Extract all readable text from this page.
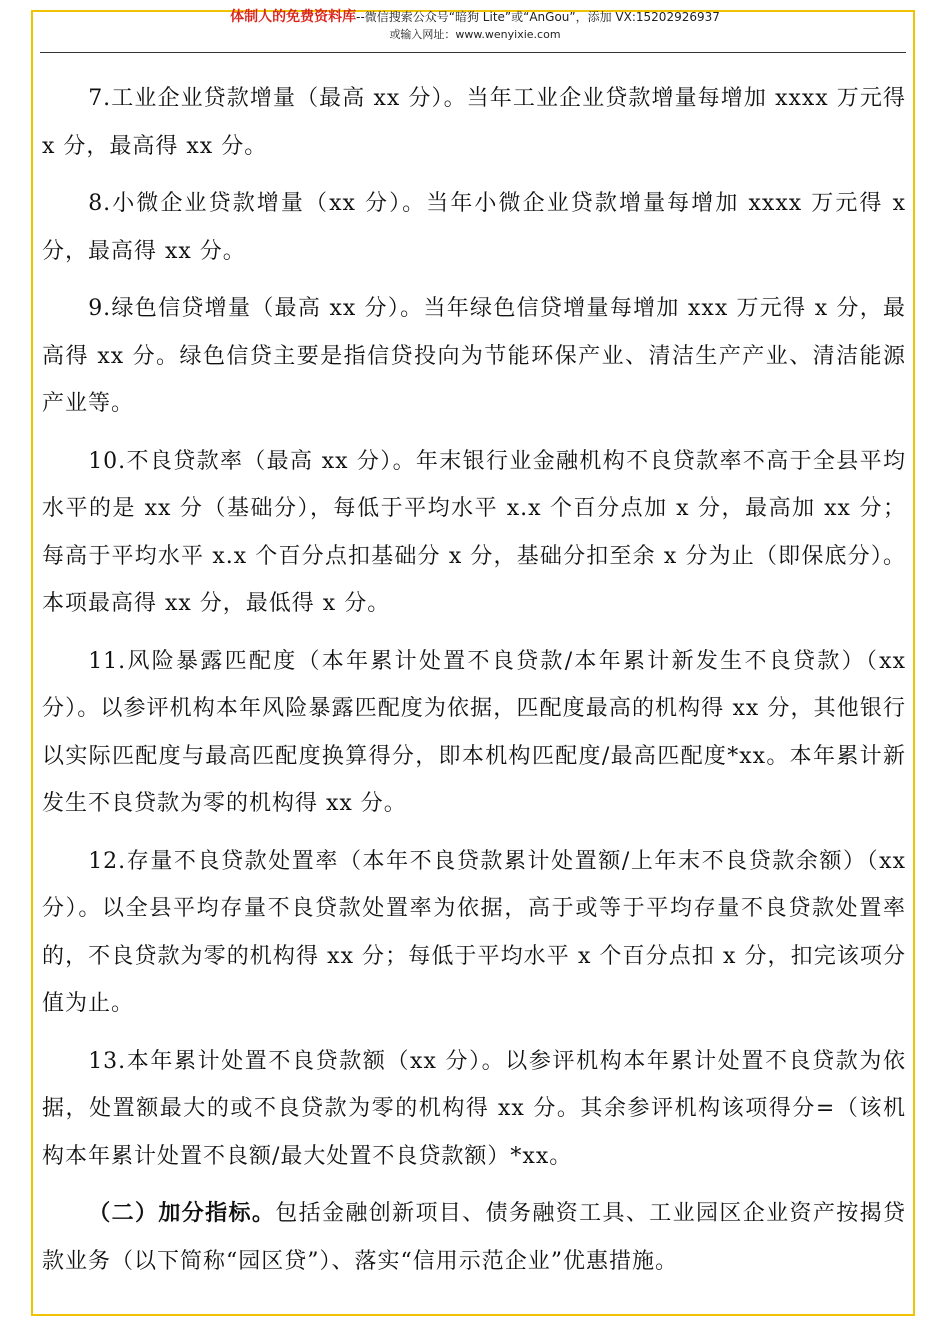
体制人的免费资料库--微信搜索公众号“暗狗 Lite”或“AnGou”，添加 VX:15202926937
或输入网址：www.wenyixie.com

7.工业企业贷款增量（最高 xx 分）。当年工业企业贷款增量每增加 xxxx 万元得 x 分，最高得 xx 分。

8.小微企业贷款增量（xx 分）。当年小微企业贷款增量每增加 xxxx 万元得 x 分，最高得 xx 分。

9.绿色信贷增量（最高 xx 分）。当年绿色信贷增量每增加 xxx 万元得 x 分，最高得 xx 分。绿色信贷主要是指信贷投向为节能环保产业、清洁生产产业、清洁能源产业等。

10.不良贷款率（最高 xx 分）。年末银行业金融机构不良贷款率不高于全县平均水平的是 xx 分（基础分），每低于平均水平 x.x 个百分点加 x 分，最高加 xx 分；每高于平均水平 x.x 个百分点扣基础分 x 分，基础分扣至余 x 分为止（即保底分）。本项最高得 xx 分，最低得 x 分。

11.风险暴露匹配度（本年累计处置不良贷款/本年累计新发生不良贷款）（xx 分）。以参评机构本年风险暴露匹配度为依据，匹配度最高的机构得 xx 分，其他银行以实际匹配度与最高匹配度换算得分，即本机构匹配度/最高匹配度*xx。本年累计新发生不良贷款为零的机构得 xx 分。

12.存量不良贷款处置率（本年不良贷款累计处置额/上年末不良贷款余额）（xx 分）。以全县平均存量不良贷款处置率为依据，高于或等于平均存量不良贷款处置率的，不良贷款为零的机构得 xx 分；每低于平均水平 x 个百分点扣 x 分，扣完该项分值为止。

13.本年累计处置不良贷款额（xx 分）。以参评机构本年累计处置不良贷款为依据，处置额最大的或不良贷款为零的机构得 xx 分。其余参评机构该项得分=（该机构本年累计处置不良额/最大处置不良贷款额）*xx。

（二）加分指标。包括金融创新项目、债务融资工具、工业园区企业资产按揭贷款业务（以下简称“园区贷”）、落实“信用示范企业”优惠措施。
